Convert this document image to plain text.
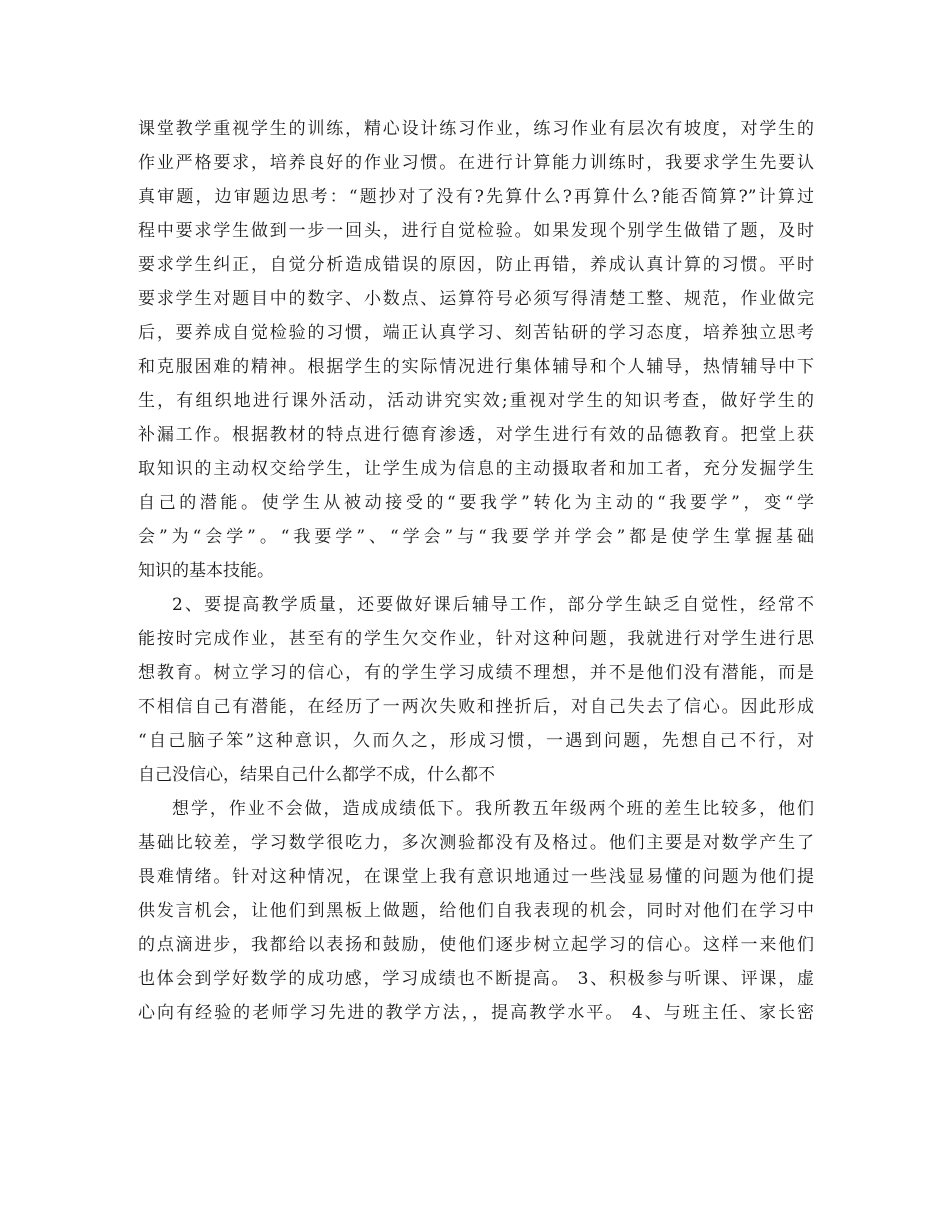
课堂教学重视学生的训练，精心设计练习作业，练习作业有层次有坡度，对学生的
作业严格要求，培养良好的作业习惯。在进行计算能力训练时，我要求学生先要认
真审题，边审题边思考：“题抄对了没有?先算什么?再算什么?能否简算?”计算过
程中要求学生做到一步一回头，进行自觉检验。如果发现个别学生做错了题，及时
要求学生纠正，自觉分析造成错误的原因，防止再错，养成认真计算的习惯。平时
要求学生对题目中的数字、小数点、运算符号必须写得清楚工整、规范，作业做完
后，要养成自觉检验的习惯，端正认真学习、刻苦钻研的学习态度，培养独立思考
和克服困难的精神。根据学生的实际情况进行集体辅导和个人辅导，热情辅导中下
生，有组织地进行课外活动，活动讲究实效;重视对学生的知识考查，做好学生的
补漏工作。根据教材的特点进行德育渗透，对学生进行有效的品德教育。把堂上获
取知识的主动权交给学生，让学生成为信息的主动摄取者和加工者，充分发掘学生
自己的潜能。使学生从被动接受的“要我学”转化为主动的“我要学”，变“学
会”为“会学”。“我要学”、“学会”与“我要学并学会”都是使学生掌握基础
知识的基本技能。
2、要提高教学质量，还要做好课后辅导工作，部分学生缺乏自觉性，经常不
能按时完成作业，甚至有的学生欠交作业，针对这种问题，我就进行对学生进行思
想教育。树立学习的信心，有的学生学习成绩不理想，并不是他们没有潜能，而是
不相信自己有潜能，在经历了一两次失败和挫折后，对自己失去了信心。因此形成
“自己脑子笨”这种意识，久而久之，形成习惯，一遇到问题，先想自己不行，对
自己没信心，结果自己什么都学不成，什么都不
想学，作业不会做，造成成绩低下。我所教五年级两个班的差生比较多，他们
基础比较差，学习数学很吃力，多次测验都没有及格过。他们主要是对数学产生了
畏难情绪。针对这种情况，在课堂上我有意识地通过一些浅显易懂的问题为他们提
供发言机会，让他们到黑板上做题，给他们自我表现的机会，同时对他们在学习中
的点滴进步，我都给以表扬和鼓励，使他们逐步树立起学习的信心。这样一来他们
也体会到学好数学的成功感，学习成绩也不断提高。 3、积极参与听课、评课，虚
心向有经验的老师学习先进的教学方法，，提高教学水平。 4、与班主任、家长密
